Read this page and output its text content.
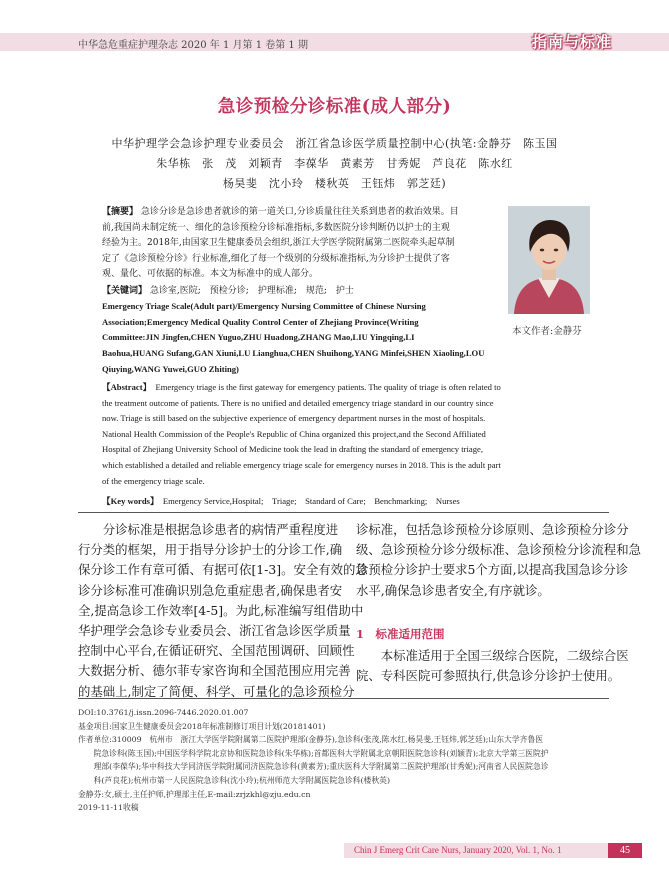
中华急危重症护理杂志 2020 年 1 月第 1 卷第 1 期	指南与标准
急诊预检分诊标准(成人部分)
中华护理学会急诊护理专业委员会　浙江省急诊医学质量控制中心(执笔:金静芬　陈玉国
朱华栋　张　茂　刘颖青　李葆华　黄素芳　甘秀妮　芦良花　陈水红
杨昊斐　沈小玲　楼秋英　王钰炜　郭芝廷)
【摘要】 急诊分诊是急诊患者就诊的第一道关口,分诊质量往往关系到患者的救治效果。目
前,我国尚未制定统一、细化的急诊预检分诊标准指标,多数医院分诊判断仍以护士的主观
经验为主。2018年,由国家卫生健康委员会组织,浙江大学医学院附属第二医院牵头起草制
定了《急诊预检分诊》行业标准,细化了每一个级别的分级标准指标,为分诊护士提供了客
观、量化、可依据的标准。本文为标准中的成人部分。
【关键词】 急诊室,医院;　预检分诊;　护理标准;　规范;　护士
本文作者:金静芬
Emergency Triage Scale(Adult part)/Emergency Nursing Committee of Chinese Nursing
Association;Emergency Medical Quality Control Center of Zhejiang Province(Writing
Committee:JIN Jingfen,CHEN Yuguo,ZHU Huadong,ZHANG Mao,LIU Yingqing,LI
Baohua,HUANG Sufang,GAN Xiuni,LU Lianghua,CHEN Shuihong,YANG Minfei,SHEN Xiaoling,LOU
Qiuying,WANG Yuwei,GUO Zhiting)
【Abstract】 Emergency triage is the first gateway for emergency patients. The quality of triage is often related to
the treatment outcome of patients. There is no unified and detailed emergency triage standard in our country since
now. Triage is still based on the subjective experience of emergency department nurses in the most of hospitals.
National Health Commission of the People's Republic of China organized this project,and the Second Affiliated
Hospital of Zhejiang University School of Medicine took the lead in drafting the standard of emergency triage,
which established a detailed and reliable emergency triage scale for emergency nurses in 2018. This is the adult part
of the emergency triage scale.
【Key words】 Emergency Service,Hospital;　Triage;　Standard of Care;　Benchmarking;　Nurses
　　分诊标准是根据急诊患者的病情严重程度进
行分类的框架，用于指导分诊护士的分诊工作,确
保分诊工作有章可循、有据可依[1-3]。安全有效的急
诊分诊标准可准确识别急危重症患者,确保患者安
全,提高急诊工作效率[4-5]。为此,标准编写组借助中
华护理学会急诊专业委员会、浙江省急诊医学质量
控制中心平台,在循证研究、全国范围调研、回顾性
大数据分析、德尔菲专家咨询和全国范围应用完善
的基础上,制定了简便、科学、可量化的急诊预检分
诊标准，包括急诊预检分诊原则、急诊预检分诊分
级、急诊预检分诊分级标准、急诊预检分诊流程和急
诊预检分诊护士要求5个方面,以提高我国急诊分诊
水平,确保急诊患者安全,有序就诊。
1　标准适用范围
　　本标准适用于全国三级综合医院，二级综合医
院、专科医院可参照执行,供急诊分诊护士使用。
DOI:10.3761/j.issn.2096-7446.2020.01.007
基金项目:国家卫生健康委员会2018年标准制修订项目计划(20181401)
作者单位:310009　杭州市　浙江大学医学院附属第二医院护理部(金静芬),急诊科(张茂,陈水红,杨昊斐,王钰炜,郭芝廷);山东大学齐鲁医
　　院急诊科(陈玉国);中国医学科学院北京协和医院急诊科(朱华栋);首都医科大学附属北京朝阳医院急诊科(刘颖青);北京大学第三医院护
　　理部(李葆华);华中科技大学同济医学院附属同济医院急诊科(黄素芳);重庆医科大学附属第二医院护理部(甘秀妮);河南省人民医院急诊
　　科(芦良花);杭州市第一人民医院急诊科(沈小玲);杭州师范大学附属医院急诊科(楼秋英)
金静芬:女,硕士,主任护师,护理部主任,E-mail:zrjzkhl@zju.edu.cn
2019-11-11收稿
Chin J Emerg Crit Care Nurs, January 2020, Vol. 1, No. 1	45
